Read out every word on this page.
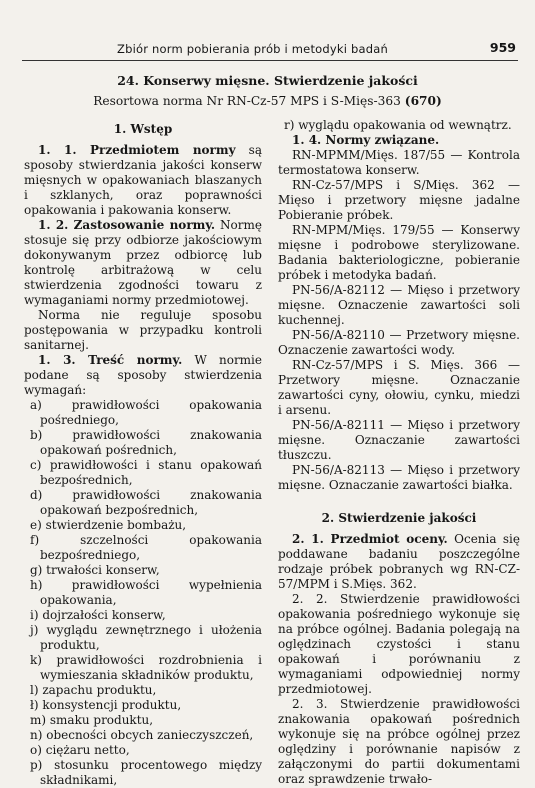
Zbiór norm pobierania prób i metodyki badań	959
24. Konserwy mięsne. Stwierdzenie jakości
Resortowa norma Nr RN-Cz-57 MPS i S-Mięs-363 (670)
1. Wstęp

1. 1. Przedmiotem normy są sposoby stwierdzania jakości konserw mięsnych w opakowaniach blaszanych i szklanych, oraz poprawności opakowania i pakowania konserw.

1. 2. Zastosowanie normy. Normę stosuje się przy odbiorze jakościowym dokonywanym przez odbiorcę lub kontrolę arbitrażową w celu stwierdzenia zgodności towaru z wymaganiami normy przedmiotowej.

Norma nie reguluje sposobu postępowania w przypadku kontroli sanitarnej.

1. 3. Treść normy. W normie podane są sposoby stwierdzenia wymagań:

a) prawidłowości opakowania pośredniego,

b) prawidłowości znakowania opakowań pośrednich,

c) prawidłowości i stanu opakowań bezpośrednich,

d) prawidłowości znakowania opakowań bezpośrednich,

e) stwierdzenie bombażu,

f) szczelności opakowania bezpośredniego,

g) trwałości konserw,

h) prawidłowości wypełnienia opakowania,

i) dojrzałości konserw,

j) wyglądu zewnętrznego i ułożenia produktu,

k) prawidłowości rozdrobnienia i wymieszania składników produktu,

l) zapachu produktu,

ł) konsystencji produktu,

m) smaku produktu,

n) obecności obcych zanieczyszczeń,

o) ciężaru netto,

p) stosunku procentowego między składnikami,

r) wyglądu opakowania od wewnątrz.

1. 4. Normy związane.

RN-MPMM/Mięs. 187/55 — Kontrola termostatowa konserw.

RN-Cz-57/MPS i S/Mięs. 362 — Mięso i przetwory mięsne jadalne Pobieranie próbek.

RN-MPM/Mięs. 179/55 — Konserwy mięsne i podrobowe sterylizowane. Badania bakteriologiczne, pobieranie próbek i metodyka badań.

PN-56/A-82112 — Mięso i przetwory mięsne. Oznaczenie zawartości soli kuchennej.

PN-56/A-82110 — Przetwory mięsne. Oznaczenie zawartości wody.

RN-Cz-57/MPS i S. Mięs. 366 — Przetwory mięsne. Oznaczanie zawartości cyny, ołowiu, cynku, miedzi i arsenu.

PN-56/A-82111 — Mięso i przetwory mięsne. Oznaczanie zawartości tłuszczu.

PN-56/A-82113 — Mięso i przetwory mięsne. Oznaczanie zawartości białka.

2. Stwierdzenie jakości

2. 1. Przedmiot oceny. Ocenia się poddawane badaniu poszczególne rodzaje próbek pobranych wg RN-CZ-57/MPM i S.Mięs. 362.

2. 2. Stwierdzenie prawidłowości opakowania pośredniego wykonuje się na próbce ogólnej. Badania polegają na oględzinach czystości i stanu opakowań i porównaniu z wymaganiami odpowiedniej normy przedmiotowej.

2. 3. Stwierdzenie prawidłowości znakowania opakowań pośrednich wykonuje się na próbce ogólnej przez oględziny i porównanie napisów z załączonymi do partii dokumentami oraz sprawdzenie trwało-
